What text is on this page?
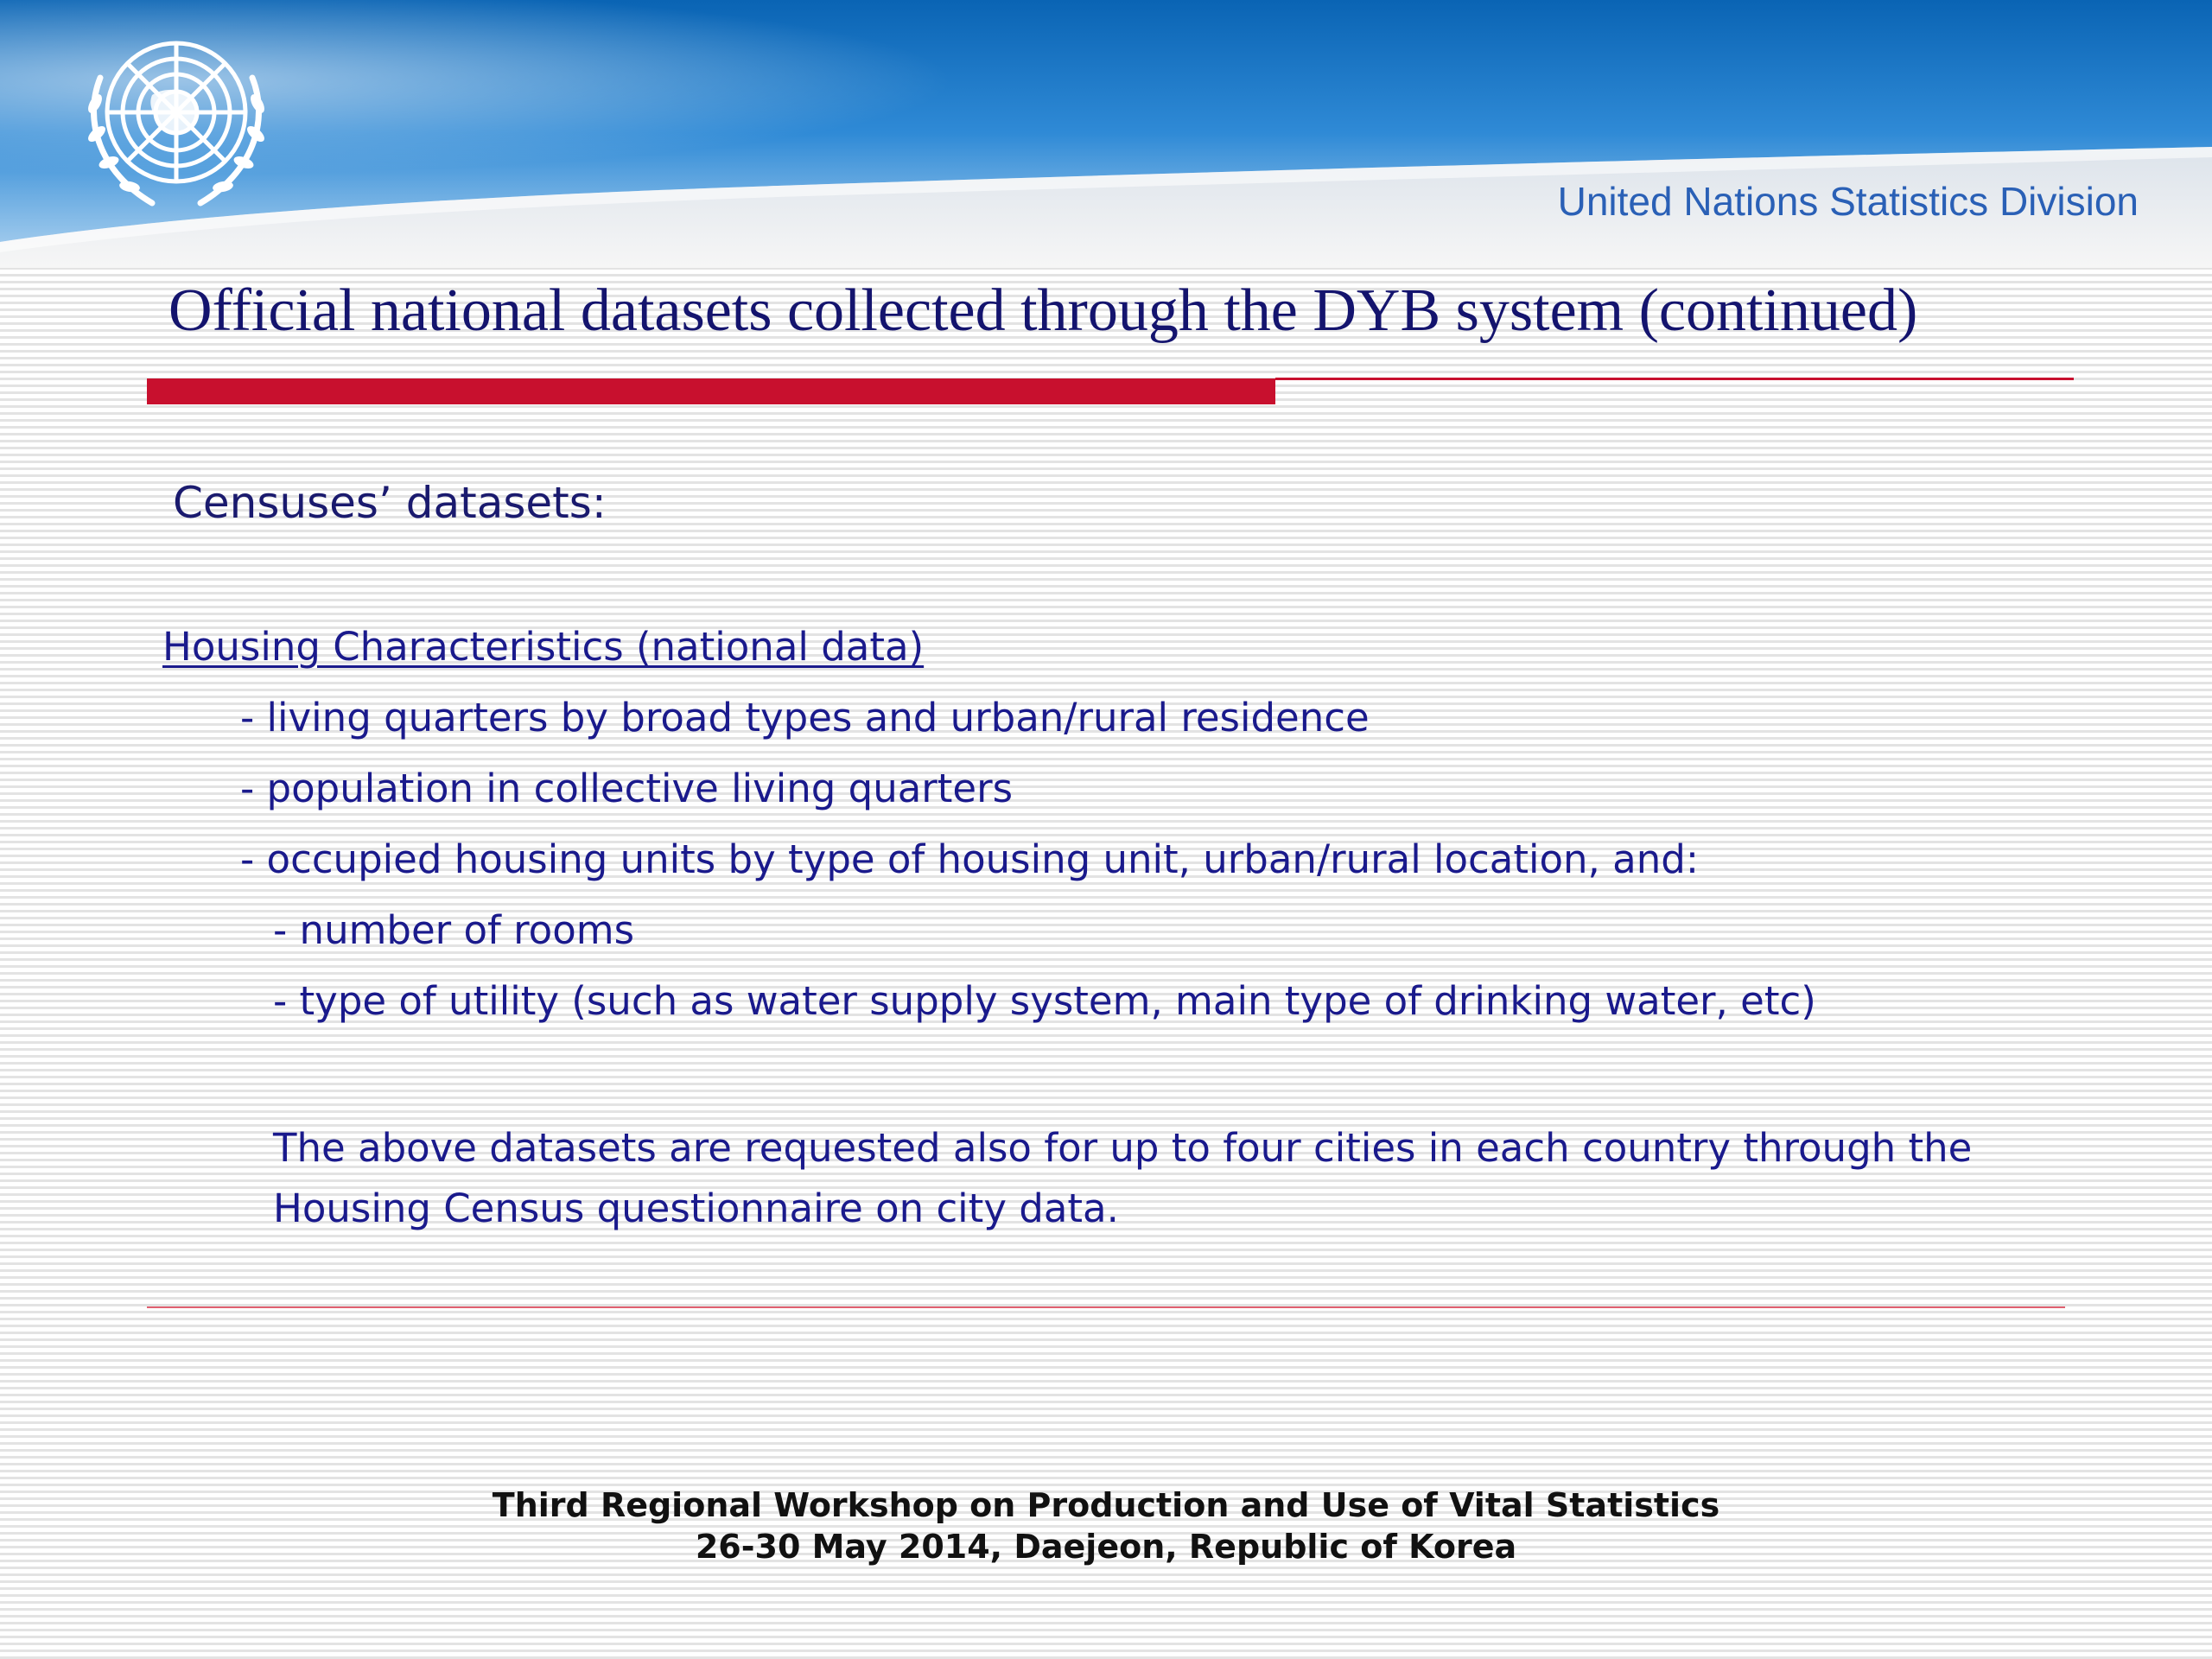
United Nations Statistics Division
Official national datasets collected through the DYB system (continued)
Censuses’ datasets:
Housing Characteristics (national data)
- living quarters by broad types and urban/rural residence
- population in collective living quarters
- occupied housing units by type of housing unit, urban/rural location, and:
- number of rooms
- type of utility (such as water supply system, main type of drinking water, etc)

The above datasets are requested also for up to four cities in each country through the Housing Census questionnaire on city data.

Third Regional Workshop on Production and Use of Vital Statistics
26-30 May 2014, Daejeon, Republic of Korea
